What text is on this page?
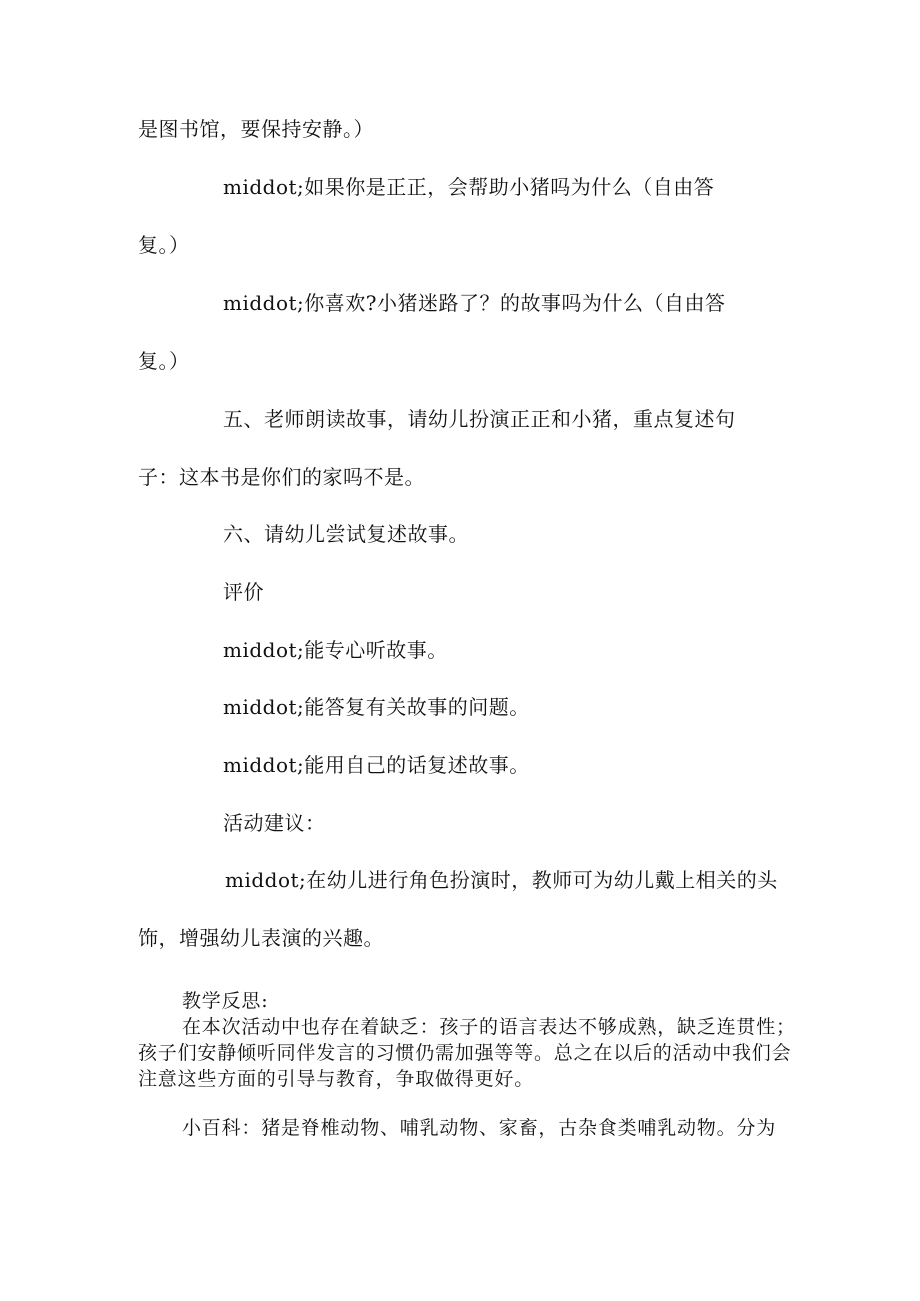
是图书馆，要保持安静。）
middot;如果你是正正，会帮助小猪吗为什么（自由答
复。）
middot;你喜欢?小猪迷路了？的故事吗为什么（自由答
复。）
五、老师朗读故事，请幼儿扮演正正和小猪，重点复述句
子：这本书是你们的家吗不是。
六、请幼儿尝试复述故事。
评价
middot;能专心听故事。
middot;能答复有关故事的问题。
middot;能用自己的话复述故事。
活动建议：
middot;在幼儿进行角色扮演时，教师可为幼儿戴上相关的头
饰，增强幼儿表演的兴趣。
教学反思:
在本次活动中也存在着缺乏：孩子的语言表达不够成熟，缺乏连贯性；
孩子们安静倾听同伴发言的习惯仍需加强等等。总之在以后的活动中我们会
注意这些方面的引导与教育，争取做得更好。
小百科：猪是脊椎动物、哺乳动物、家畜，古杂食类哺乳动物。分为
